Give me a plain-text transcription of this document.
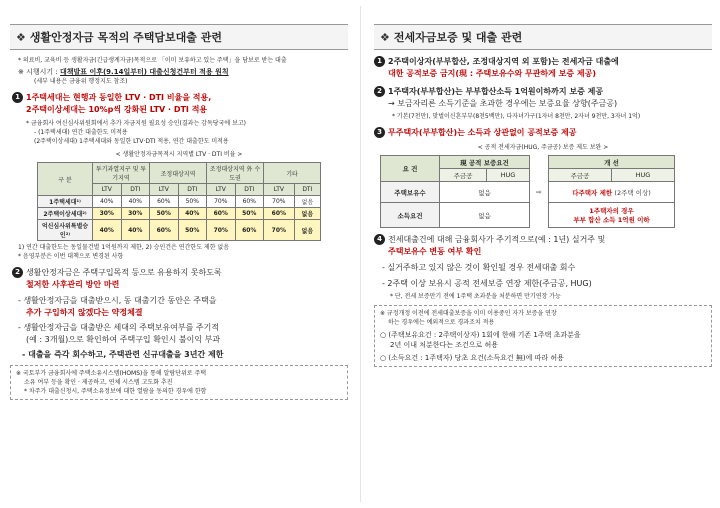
❖ 생활안정자금 목적의 주택담보대출 관련

* 의료비, 교육비 등 생활자금(긴급생계자금)목적으로 「이미 보유하고 있는 주택」을 담보로 받는 대출

※ 시행시기 : 대책발표 이후(9.14일부터) 대출신청건부터 적용 원칙

(세부 내용은 금융위 행정지도 참조)

1 1주택세대는 현행과 동일한 LTV · DTI 비율을 적용,

2주택이상세대는 10%p씩 강화된 LTV · DTI 적용

* 금융회사 여신심사위원회에서 추가 자금지원 필요성 승인(결과는 감독당국에 보고)

- (1주택세대) 연간 대출한도 미적용

(2주택이상세대) 1주택세대와 동일한 LTV·DTI 적용, 연간 대출한도 미적용

< 생활안정자금목적시 지역별 LTV · DTI 비율 >

구 분	투기과열지구 및 투기지역		조정대상지역		조정대상지역 外 수도권		기타	
	LTV	DTI	LTV	DTI	LTV	DTI	LTV	DTI
1주택세대¹⁾	40%	40%	60%	50%	70%	60%	70%	없음
2주택이상세대²⁾	30%	30%	50%	40%	60%	50%	60%	없음
억신심사위특별승인²⁾	40%	40%	60%	50%	70%	60%	70%	없음

1) 연간 대출한도는 동일물건별 1억원까지 제한, 2) 승인건은 연간한도 제한 없음

* 음영부분은 이번 대책으로 변경된 사항

2 생활안정자금은 주택구입목적 등으로 유용하지 못하도록

철저한 사후관리 방안 마련

- 생활안정자금을 대출받으시, 동 대출기간 동안은 주택을

추가 구입하지 않겠다는 약정체결

- 생활안정자금을 대출받은 세대의 주택보유여부를 주기적

(예 : 3개월)으로 확인하여 주택구입 확인시 불이익 부과

- 대출을 즉각 회수하고, 주택관련 신규대출을 3년간 제한

※ 국토부가 금융회사에 주택소유시스템(HOMS)을 통해 알람단위로 주택

소유 여부 등을 확인 · 제공하고, 연체 시스템 고도화 추진

* 차주가 대출신청시, 주택소유정보에 대한 열람을 동의한 경우에 한함

❖ 전세자금보증 및 대출 관련

1 2주택이상자(부부합산, 조정대상지역 외 포함)는 전세자금 대출에

대한 공적보증 금지(現 : 주택보유수와 무관하게 보증 제공)

2 1주택자(부부합산)는 부부합산소득 1억원이하까지 보증 제공

→ 보금자리론 소득기준을 초과한 경우에는 보증요율 상향(주금공)

* 기본(7천만), 맞벌이신혼부부(8천5백만), 다자녀가구(1자녀 8천만, 2자녀 9천만, 3자녀 1억)

3 무주택자(부부합산)는 소득과 상관없이 공적보증 제공

< 공적 전세자금(HUG, 주금공) 보증 제도 보완 >

요 건	現 공적 보증요건		⇨	개 선	
	주금공	HUG		주금공	HUG
주택보유수	없음			다주택자 제한 (2주택 이상)	
소득요건	없음			1주택자의 경우
부부 합산 소득 1억원 이하	

4 전세대출건에 대해 금융회사가 주기적으로(예 : 1년) 실거주 및

주택보유수 변동 여부 확인

- 실거주하고 있지 않은 것이 확인될 경우 전세대출 회수

- 2주택 이상 보유시 공적 전세보증 연장 제한(주금공, HUG)

* 단, 전세 보증만기 전에 1주택 초과분을 처분하면 만기연장 가능

※ 규정개정 이전에 전세대출보증을 이미 이용중인 자가 보증을 연장

하는 경우에는 예외적으로 경과조치 적용

○ (주택보유요건 : 2주택이상자) 1회에 한해 기존 1주택 초과분을

2년 이내 처분한다는 조건으로 허용

○ (소득요건 : 1주택자) 당초 요건(소득요건 無)에 따라 허용
